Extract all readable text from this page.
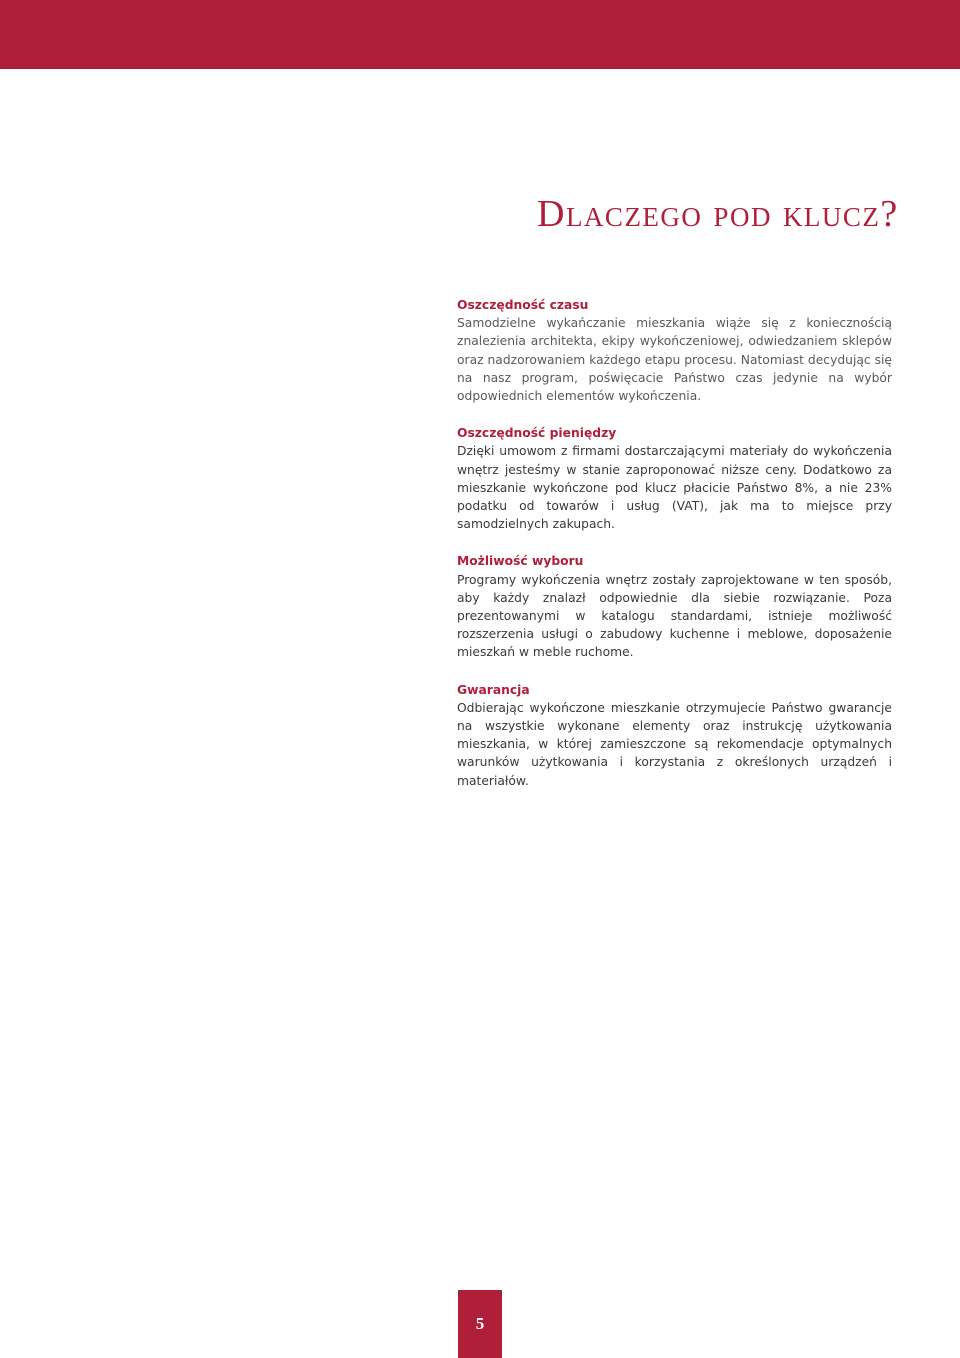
Dlaczego pod klucz?

Oszczędność czasu

Samodzielne wykańczanie mieszkania wiąże się z koniecznością znalezienia architekta, ekipy wykończeniowej, odwiedzaniem sklepów oraz nadzorowaniem każdego etapu procesu. Natomiast decydując się na nasz program, poświęcacie Państwo czas jedynie na wybór odpowiednich elementów wykończenia.

Oszczędność pieniędzy

Dzięki umowom z firmami dostarczającymi materiały do wykończenia wnętrz jesteśmy w stanie zaproponować niższe ceny. Dodatkowo za mieszkanie wykończone pod klucz płacicie Państwo 8%, a nie 23% podatku od towarów i usług (VAT), jak ma to miejsce przy samodzielnych zakupach.

Możliwość wyboru

Programy wykończenia wnętrz zostały zaprojektowane w ten sposób, aby każdy znalazł odpowiednie dla siebie rozwiązanie. Poza prezentowanymi w katalogu standardami, istnieje możliwość rozszerzenia usługi o zabudowy kuchenne i meblowe, doposażenie mieszkań w meble ruchome.

Gwarancja

Odbierając wykończone mieszkanie otrzymujecie Państwo gwarancje na wszystkie wykonane elementy oraz instrukcję użytkowania mieszkania, w której zamieszczone są rekomendacje optymalnych warunków użytkowania i korzystania z określonych urządzeń i materiałów.

5
